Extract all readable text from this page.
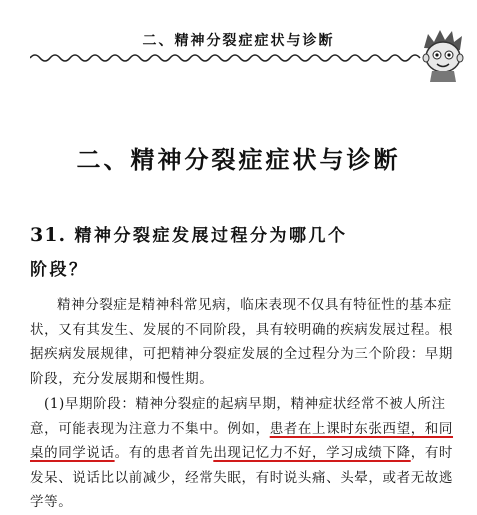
二、精神分裂症症状与诊断
二、精神分裂症症状与诊断
31. 精神分裂症发展过程分为哪几个
阶段？
精神分裂症是精神科常见病，临床表现不仅具有特征性的基本症状，又有其发生、发展的不同阶段，具有较明确的疾病发展过程。根据疾病发展规律，可把精神分裂症发展的全过程分为三个阶段：早期阶段，充分发展期和慢性期。
(1)早期阶段：精神分裂症的起病早期，精神症状经常不被人所注意，可能表现为注意力不集中。例如，患者在上课时东张西望，和同桌的同学说话。有的患者首先出现记忆力不好，学习成绩下降，有时发呆、说话比以前减少，经常失眠，有时说头痛、头晕，或者无故逃学等。
